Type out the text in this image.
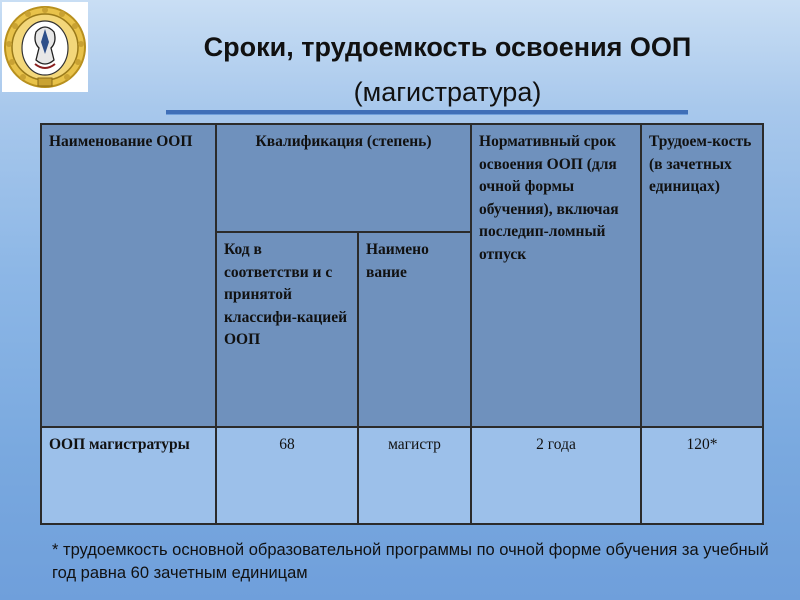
Сроки, трудоемкость освоения ООП
(магистратура)
Наименование ООП	Квалификация (степень)		Нормативный срок освоения ООП (для очной формы обучения), включая последип-ломный отпуск	Трудоем-кость (в зачетных единицах)
	Код в соответстви и с принятой классифи-кацией ООП	Наимено вание		
ООП магистратуры	68	магистр	2 года	120*
* трудоемкость основной образовательной программы по очной форме обучения за учебный год равна 60 зачетным единицам
